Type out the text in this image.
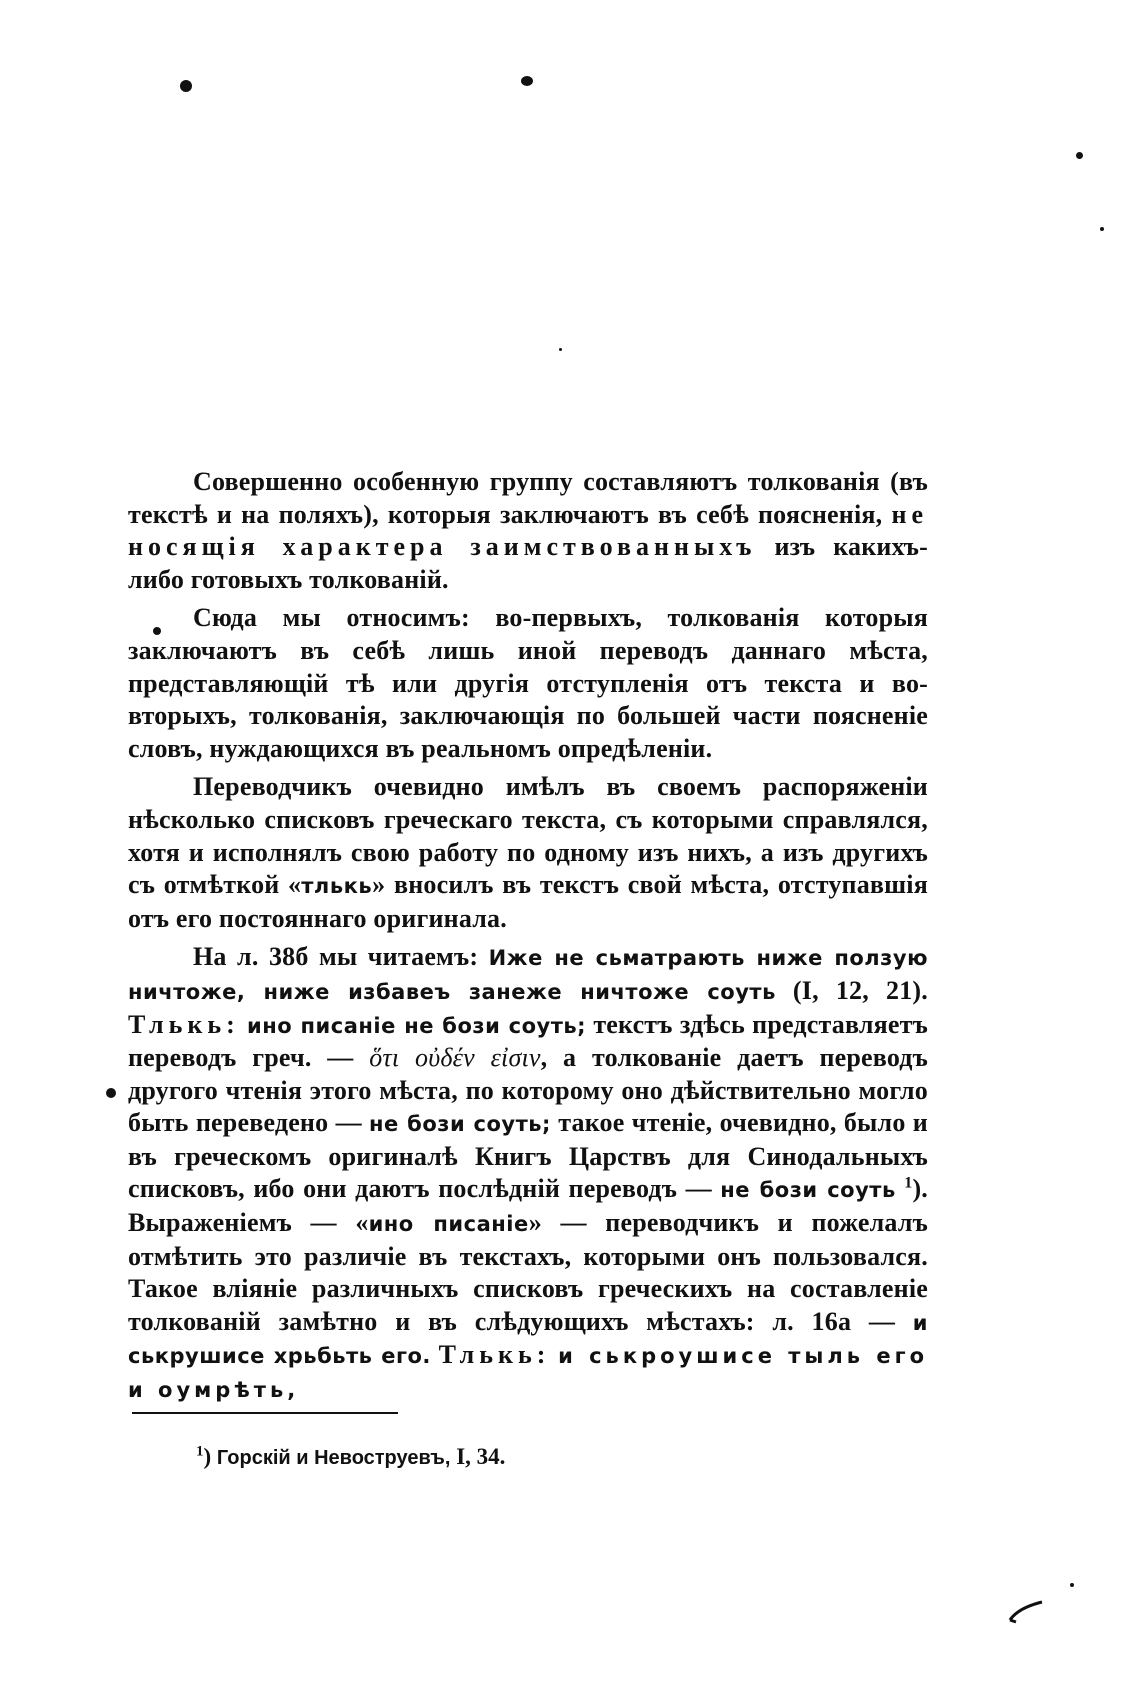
Совершенно особенную группу составляютъ толкованія (въ текстѣ и на поляхъ), которыя заключаютъ въ себѣ поясненія, не носящія характера заимствованныхъ изъ какихъ-либо готовыхъ толкованій.

Сюда мы относимъ: во-первыхъ, толкованія которыя заключаютъ въ себѣ лишь иной переводъ даннаго мѣста, представляющій тѣ или другія отступленія отъ текста и во-вторыхъ, толкованія, заключающія по большей части поясненіе словъ, нуждающихся въ реальномъ опредѣленіи.

Переводчикъ очевидно имѣлъ въ своемъ распоряженіи нѣсколько списковъ греческаго текста, съ которыми справлялся, хотя и исполнялъ свою работу по одному изъ нихъ, а изъ другихъ съ отмѣткой «тлькь» вносилъ въ текстъ свой мѣста, отступавшія отъ его постояннаго оригинала.

На л. 38б мы читаемъ: Иже не сьматрають ниже ползую ничтоже, ниже избавеъ занеже ничтоже соуть (I, 12, 21). Тлькь: ино писаніе не бози соуть; текстъ здѣсь представляетъ переводъ греч. — ὅτι οὐδέν εἰσιν, а толкованіе даетъ переводъ другого чтенія этого мѣста, по которому оно дѣйствительно могло быть переведено — не бози соуть; такое чтеніе, очевидно, было и въ греческомъ оригиналѣ Книгъ Царствъ для Синодальныхъ списковъ, ибо они даютъ послѣдній переводъ — не бози соуть $^1$). Выраженіемъ — «ино писаніе» — переводчикъ и пожелалъ отмѣтить это различіе въ текстахъ, которыми онъ пользовался. Такое вліяніе различныхъ списковъ греческихъ на составленіе толкованій замѣтно и въ слѣдующихъ мѣстахъ: л. 16а — и ськрушисе хрьбьть его. Тлькь: и ськроушисе тыль его и оумрѣть,

$^1$) Горскій и Невоструевъ, I, 34.
